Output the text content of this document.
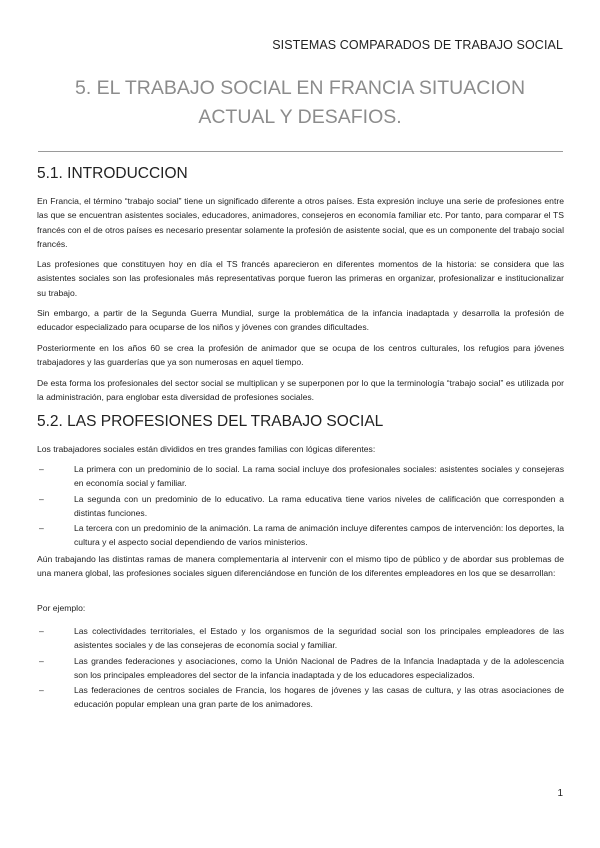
SISTEMAS COMPARADOS DE TRABAJO SOCIAL
5. EL TRABAJO SOCIAL EN FRANCIA SITUACION
ACTUAL Y DESAFIOS.
5.1. INTRODUCCION

En Francia, el término “trabajo social” tiene un significado diferente a otros países. Esta expresión incluye una serie de profesiones entre las que se encuentran asistentes sociales, educadores, animadores, consejeros en economía familiar etc. Por tanto, para comparar el TS francés con el de otros países es necesario presentar solamente la profesión de asistente social, que es un componente del trabajo social francés.

Las profesiones que constituyen hoy en día el TS francés aparecieron en diferentes momentos de la historia: se considera que las asistentes sociales son las profesionales más representativas porque fueron las primeras en organizar, profesionalizar e institucionalizar su trabajo.

Sin embargo, a partir de la Segunda Guerra Mundial, surge la problemática de la infancia inadaptada y desarrolla la profesión de educador especializado para ocuparse de los niños y jóvenes con grandes dificultades.

Posteriormente en los años 60 se crea la profesión de animador que se ocupa de los centros culturales, los refugios para jóvenes trabajadores y las guarderías que ya son numerosas en aquel tiempo.

De esta forma los profesionales del sector social se multiplican y se superponen por lo que la terminología “trabajo social” es utilizada por la administración, para englobar esta diversidad de profesiones sociales.

5.2. LAS PROFESIONES DEL TRABAJO SOCIAL

Los trabajadores sociales están divididos en tres grandes familias con lógicas diferentes:

–	La primera con un predominio de lo social. La rama social incluye dos profesionales sociales: asistentes sociales y consejeras en economía social y familiar.
–	La segunda con un predominio de lo educativo. La rama educativa tiene varios niveles de calificación que corresponden a distintas funciones.
–	La tercera con un predominio de la animación. La rama de animación incluye diferentes campos de intervención: los deportes, la cultura y el aspecto social dependiendo de varios ministerios.

Aún trabajando las distintas ramas de manera complementaria al intervenir con el mismo tipo de público y de abordar sus problemas de una manera global, las profesiones sociales siguen diferenciándose en función de los diferentes empleadores en los que se desarrollan:

Por ejemplo:

–	Las colectividades territoriales, el Estado y los organismos de la seguridad social son los principales empleadores de las asistentes sociales y de las consejeras de economía social y familiar.
–	Las grandes federaciones y asociaciones, como la Unión Nacional de Padres de la Infancia Inadaptada y de la adolescencia son los principales empleadores del sector de la infancia inadaptada y de los educadores especializados.
–	Las federaciones de centros sociales de Francia, los hogares de jóvenes y las casas de cultura, y las otras asociaciones de educación popular emplean una gran parte de los animadores.
1
